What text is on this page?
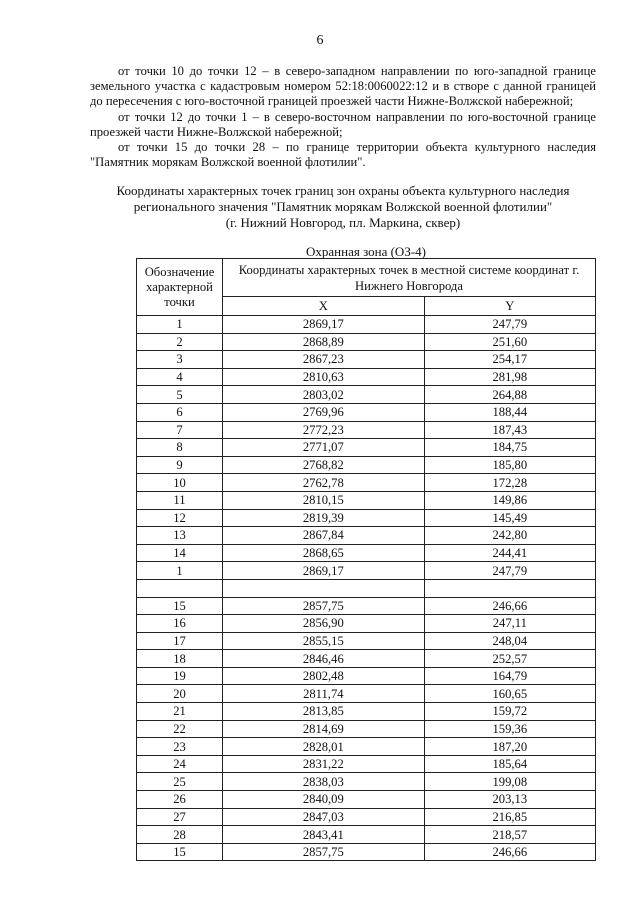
6

от точки 10 до точки 12 – в северо-западном направлении по юго-западной границе земельного участка с кадастровым номером 52:18:0060022:12 и в створе с данной границей до пересечения с юго-восточной границей проезжей части Нижне-Волжской набережной;

от точки 12 до точки 1 – в северо-восточном направлении по юго-восточной границе проезжей части Нижне-Волжской набережной;

от точки 15 до точки 28 – по границе территории объекта культурного наследия "Памятник морякам Волжской военной флотилии".

Координаты характерных точек границ зон охраны объекта культурного наследия
регионального значения "Памятник морякам Волжской военной флотилии"
(г. Нижний Новгород, пл. Маркина, сквер)
Охранная зона (ОЗ-4)
Обозначение характерной точки	Координаты характерных точек в местной системе координат г. Нижнего Новгорода	
	X	Y
1	2869,17	247,79
2	2868,89	251,60
3	2867,23	254,17
4	2810,63	281,98
5	2803,02	264,88
6	2769,96	188,44
7	2772,23	187,43
8	2771,07	184,75
9	2768,82	185,80
10	2762,78	172,28
11	2810,15	149,86
12	2819,39	145,49
13	2867,84	242,80
14	2868,65	244,41
1	2869,17	247,79

15	2857,75	246,66
16	2856,90	247,11
17	2855,15	248,04
18	2846,46	252,57
19	2802,48	164,79
20	2811,74	160,65
21	2813,85	159,72
22	2814,69	159,36
23	2828,01	187,20
24	2831,22	185,64
25	2838,03	199,08
26	2840,09	203,13
27	2847,03	216,85
28	2843,41	218,57
15	2857,75	246,66
